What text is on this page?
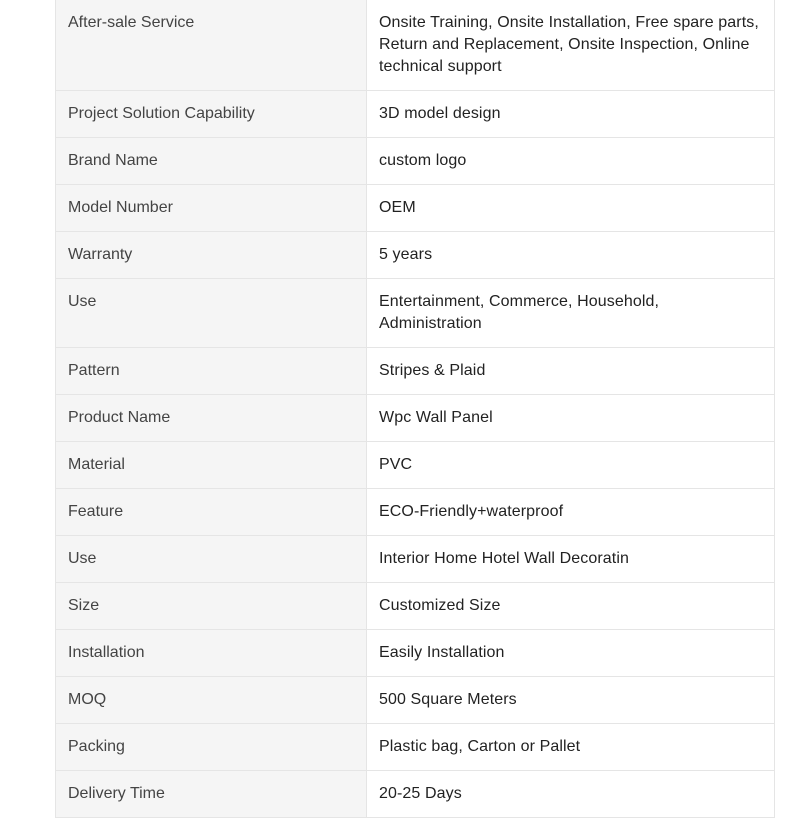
After-sale Service	Onsite Training, Onsite Installation, Free spare parts, Return and Replacement, Onsite Inspection, Online technical support

Project Solution Capability	3D model design

Brand Name	custom logo

Model Number	OEM

Warranty	5 years

Use	Entertainment, Commerce, Household, Administration

Pattern	Stripes & Plaid

Product Name	Wpc Wall Panel

Material	PVC

Feature	ECO-Friendly+waterproof

Use	Interior Home Hotel Wall Decoratin

Size	Customized Size

Installation	Easily Installation

MOQ	500 Square Meters

Packing	Plastic bag, Carton or Pallet

Delivery Time	20-25 Days
